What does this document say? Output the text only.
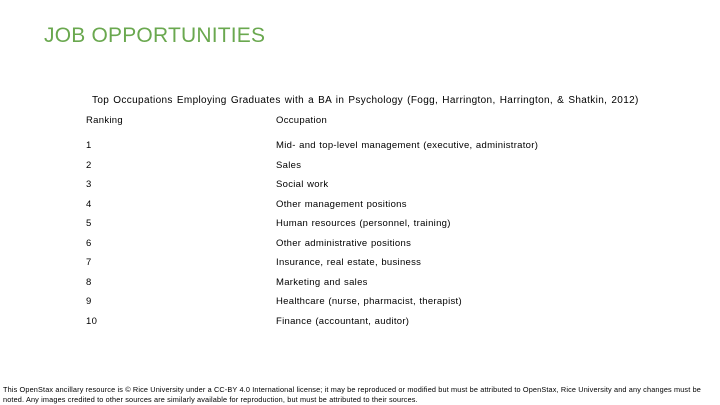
JOB OPPORTUNITIES
Top Occupations Employing Graduates with a BA in Psychology (Fogg, Harrington, Harrington, & Shatkin, 2012)
Ranking	Occupation
1	Mid- and top-level management (executive, administrator)
2	Sales
3	Social work
4	Other management positions
5	Human resources (personnel, training)
6	Other administrative positions
7	Insurance, real estate, business
8	Marketing and sales
9	Healthcare (nurse, pharmacist, therapist)
10	Finance (accountant, auditor)
This OpenStax ancillary resource is © Rice University under a CC-BY 4.0 International license; it may be reproduced or modified but must be attributed to OpenStax, Rice University and any changes must be noted. Any images credited to other sources are similarly available for reproduction, but must be attributed to their sources.
